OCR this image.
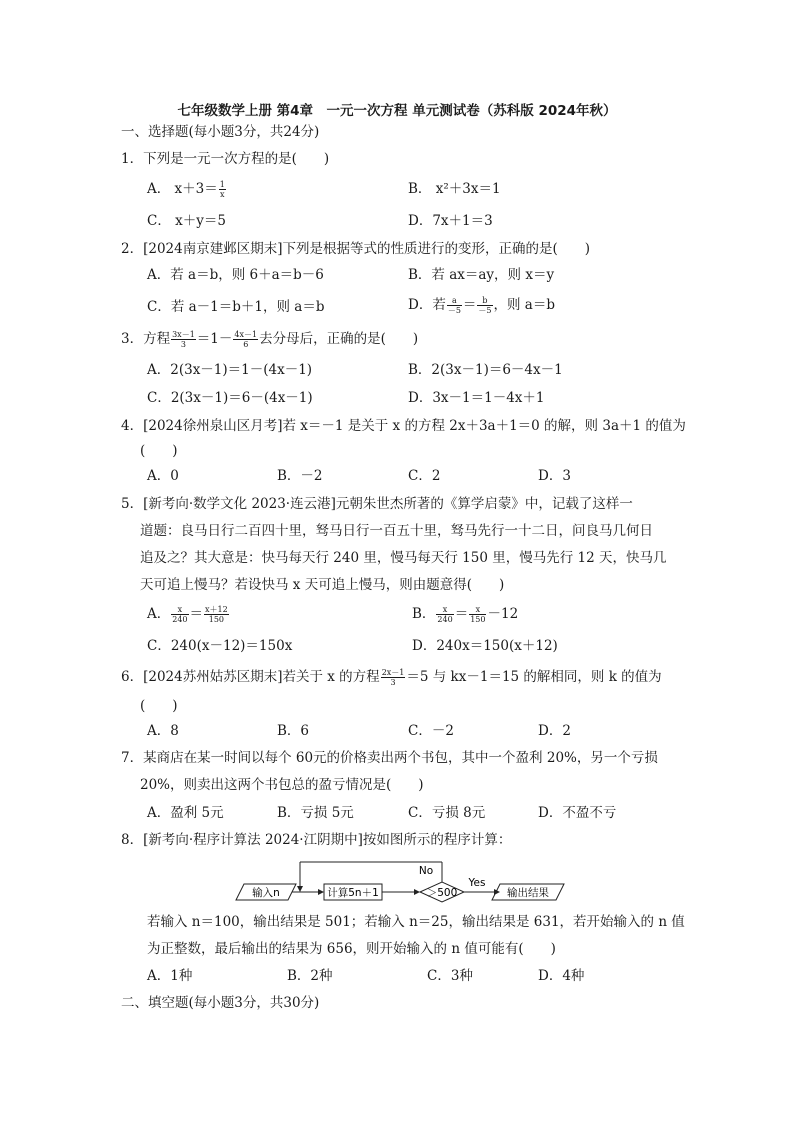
七年级数学上册 第4章　一元一次方程 单元测试卷（苏科版 2024年秋）
一、选择题(每小题3分，共24分)
1．下列是一元一次方程的是(　　)
A． $x+3= \frac{1}{x}$	B． x²＋3x＝1
C． x＋y＝5	D．7x＋1＝3
2．[2024南京建邺区期末]下列是根据等式的性质进行的变形，正确的是(　　)
A．若 a＝b，则 6＋a＝b－6	B．若 ax＝ay，则 x＝y
C．若 a－1＝b＋1，则 a＝b	D．若 $\frac{a}{-5} = \frac{b}{-5}$ ，则 a＝b
3．方程 $\frac{3x-1}{3} =1- \frac{4x-1}{6}$ 去分母后，正确的是(　　)
A．2(3x－1)＝1－(4x－1)	B．2(3x－1)＝6－4x－1
C．2(3x－1)＝6－(4x－1)	D．3x－1＝1－4x＋1
4．[2024徐州泉山区月考]若 x＝－1 是关于 x 的方程 2x＋3a＋1＝0 的解，则 3a＋1 的值为
(　　)
A．0	B．－2	C．2	D．3
5．[新考向·数学文化 2023·连云港]元朝朱世杰所著的《算学启蒙》中，记载了这样一
道题：良马日行二百四十里，驽马日行一百五十里，驽马先行一十二日，问良马几何日
追及之？其大意是：快马每天行 240 里，慢马每天行 150 里，慢马先行 12 天，快马几
天可追上慢马？若设快马 x 天可追上慢马，则由题意得(　　)
A． $\frac{x}{240} = \frac{x+12}{150}$	B． $\frac{x}{240} = \frac{x}{150} -12$
C．240(x－12)＝150x	D．240x＝150(x＋12)
6．[2024苏州姑苏区期末]若关于 x 的方程 $\frac{2x-1}{3} =5$ 与 kx－1＝15 的解相同，则 k 的值为
(　　)
A．8	B．6	C．－2	D．2
7．某商店在某一时间以每个 60元的价格卖出两个书包，其中一个盈利 20%，另一个亏损
20%，则卖出这两个书包总的盈亏情况是(　　)
A．盈利 5元	B．亏损 5元	C．亏损 8元	D．不盈不亏
8．[新考向·程序计算法 2024·江阴期中]按如图所示的程序计算：
输入n	计算5n＋1	＞500
No
Yes
输出结果
若输入 n＝100，输出结果是 501；若输入 n＝25，输出结果是 631，若开始输入的 n 值
为正整数，最后输出的结果为 656，则开始输入的 n 值可能有(　　)
A．1种	B．2种	C．3种	D．4种
二、填空题(每小题3分，共30分)
